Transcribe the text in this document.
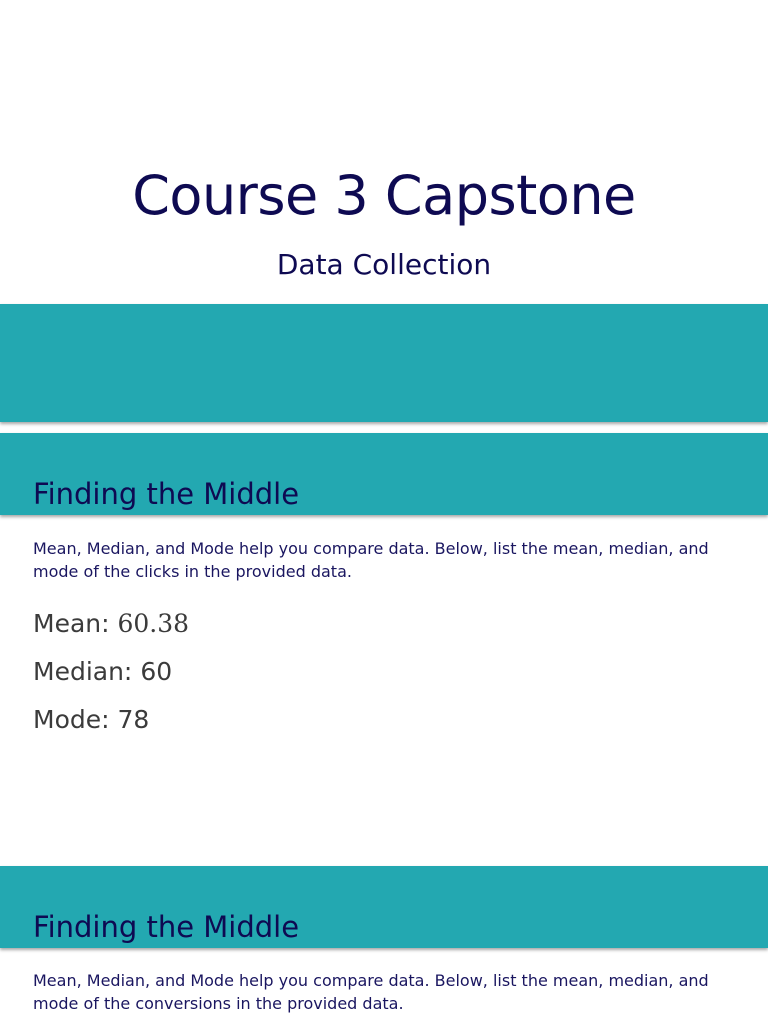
Course 3 Capstone
Data Collection
Finding the Middle
Mean, Median, and Mode help you compare data. Below, list the mean, median, and mode of the clicks in the provided data.
Mean: 60.38
Median: 60
Mode: 78
Finding the Middle
Mean, Median, and Mode help you compare data. Below, list the mean, median, and mode of the conversions in the provided data.
